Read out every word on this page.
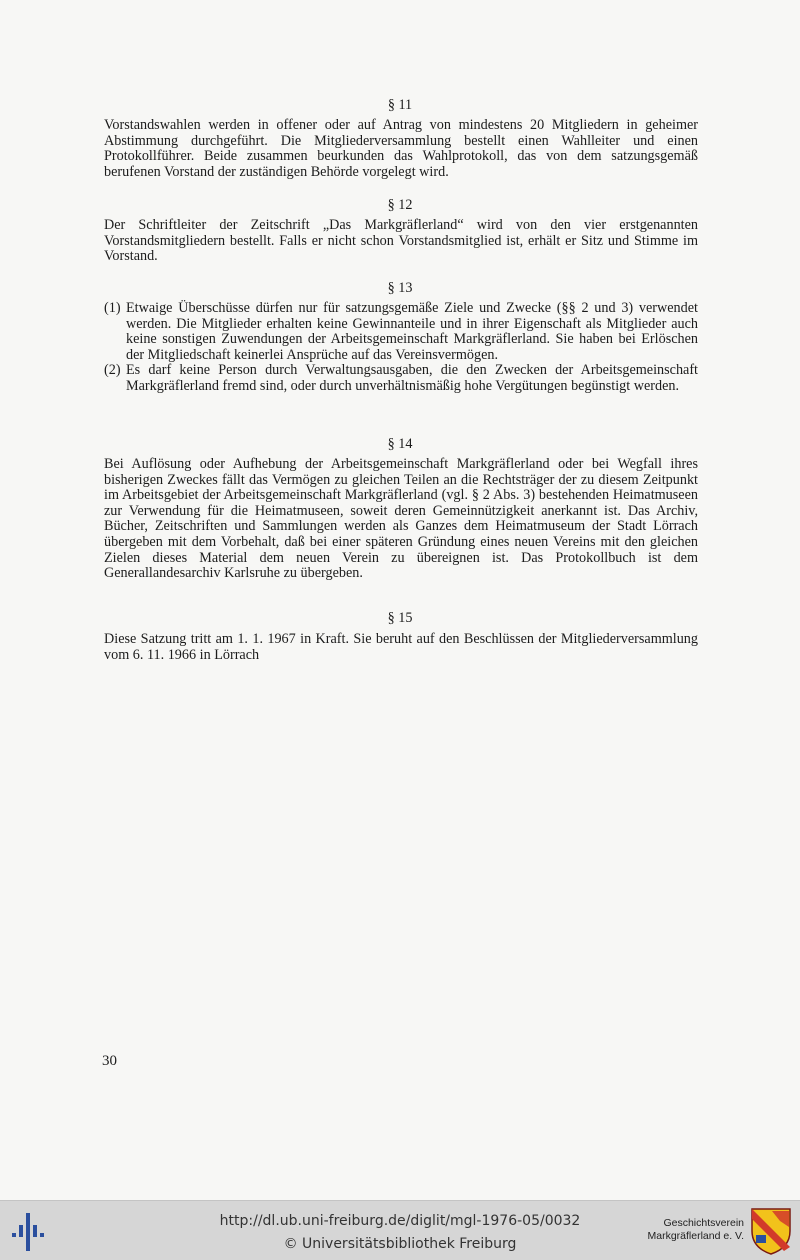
§ 11
Vorstandswahlen werden in offener oder auf Antrag von mindestens 20 Mitgliedern in geheimer Abstimmung durchgeführt. Die Mitgliederversammlung bestellt einen Wahlleiter und einen Protokollführer. Beide zusammen beurkunden das Wahlprotokoll, das von dem satzungsgemäß berufenen Vorstand der zuständigen Behörde vorgelegt wird.
§ 12
Der Schriftleiter der Zeitschrift „Das Markgräflerland“ wird von den vier erstgenannten Vorstandsmitgliedern bestellt. Falls er nicht schon Vorstandsmitglied ist, erhält er Sitz und Stimme im Vorstand.
§ 13
(1) Etwaige Überschüsse dürfen nur für satzungsgemäße Ziele und Zwecke (§§ 2 und 3) verwendet werden. Die Mitglieder erhalten keine Gewinnanteile und in ihrer Eigenschaft als Mitglieder auch keine sonstigen Zuwendungen der Arbeitsgemeinschaft Markgräflerland. Sie haben bei Erlöschen der Mitgliedschaft keinerlei Ansprüche auf das Vereinsvermögen.
(2) Es darf keine Person durch Verwaltungsausgaben, die den Zwecken der Arbeitsgemeinschaft Markgräflerland fremd sind, oder durch unverhältnismäßig hohe Vergütungen begünstigt werden.
§ 14
Bei Auflösung oder Aufhebung der Arbeitsgemeinschaft Markgräflerland oder bei Wegfall ihres bisherigen Zweckes fällt das Vermögen zu gleichen Teilen an die Rechtsträger der zu diesem Zeitpunkt im Arbeitsgebiet der Arbeitsgemeinschaft Markgräflerland (vgl. § 2 Abs. 3) bestehenden Heimatmuseen zur Verwendung für die Heimatmuseen, soweit deren Gemeinnützigkeit anerkannt ist. Das Archiv, Bücher, Zeitschriften und Sammlungen werden als Ganzes dem Heimatmuseum der Stadt Lörrach übergeben mit dem Vorbehalt, daß bei einer späteren Gründung eines neuen Vereins mit den gleichen Zielen dieses Material dem neuen Verein zu übereignen ist. Das Protokollbuch ist dem Generallandesarchiv Karlsruhe zu übergeben.
§ 15
Diese Satzung tritt am 1. 1. 1967 in Kraft. Sie beruht auf den Beschlüssen der Mitgliederversammlung vom 6. 11. 1966 in Lörrach
30
http://dl.ub.uni-freiburg.de/diglit/mgl-1976-05/0032
© Universitätsbibliothek Freiburg
Geschichtsverein
Markgräflerland e. V.
